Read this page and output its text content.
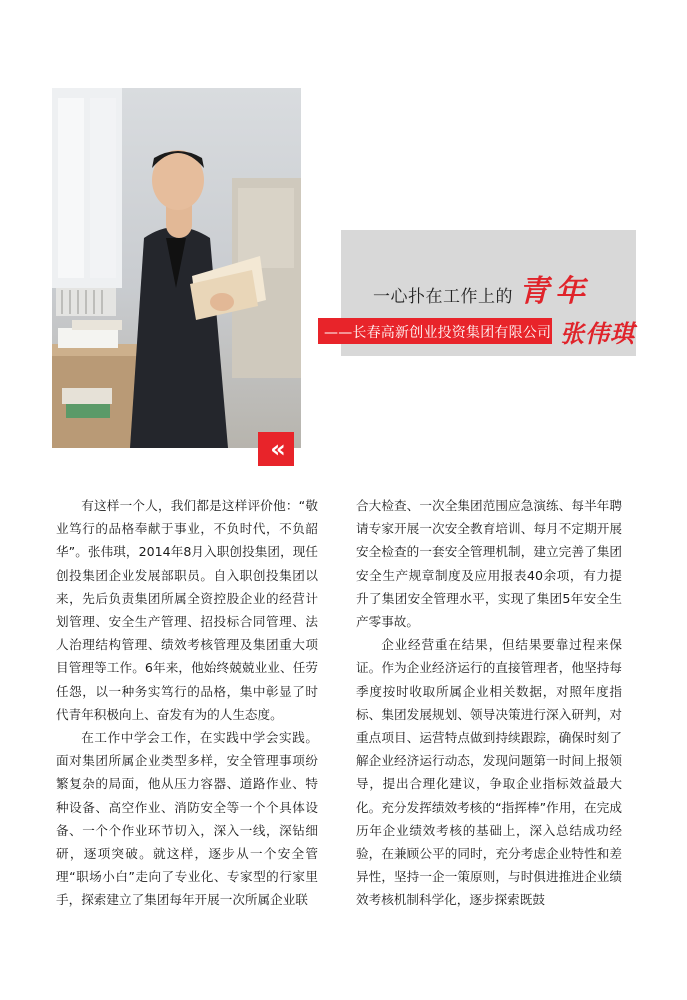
«
一心扑在工作上的 青年
——长春高新创业投资集团有限公司 张伟琪

有这样一个人，我们都是这样评价他：“敬业笃行的品格奉献于事业，不负时代，不负韶华”。张伟琪，2014年8月入职创投集团，现任创投集团企业发展部职员。自入职创投集团以来，先后负责集团所属全资控股企业的经营计划管理、安全生产管理、招投标合同管理、法人治理结构管理、绩效考核管理及集团重大项目管理等工作。6年来，他始终兢兢业业、任劳任怨，以一种务实笃行的品格，集中彰显了时代青年积极向上、奋发有为的人生态度。

在工作中学会工作，在实践中学会实践。面对集团所属企业类型多样，安全管理事项纷繁复杂的局面，他从压力容器、道路作业、特种设备、高空作业、消防安全等一个个具体设备、一个个作业环节切入，深入一线，深钻细研，逐项突破。就这样，逐步从一个安全管理“职场小白”走向了专业化、专家型的行家里手，探索建立了集团每年开展一次所属企业联

合大检查、一次全集团范围应急演练、每半年聘请专家开展一次安全教育培训、每月不定期开展安全检查的一套安全管理机制，建立完善了集团安全生产规章制度及应用报表40余项，有力提升了集团安全管理水平，实现了集团5年安全生产零事故。

企业经营重在结果，但结果要靠过程来保证。作为企业经济运行的直接管理者，他坚持每季度按时收取所属企业相关数据，对照年度指标、集团发展规划、领导决策进行深入研判，对重点项目、运营特点做到持续跟踪，确保时刻了解企业经济运行动态，发现问题第一时间上报领导，提出合理化建议，争取企业指标效益最大化。充分发挥绩效考核的“指挥棒”作用，在完成历年企业绩效考核的基础上，深入总结成功经验，在兼顾公平的同时，充分考虑企业特性和差异性，坚持一企一策原则，与时俱进推进企业绩效考核机制科学化，逐步探索既鼓
